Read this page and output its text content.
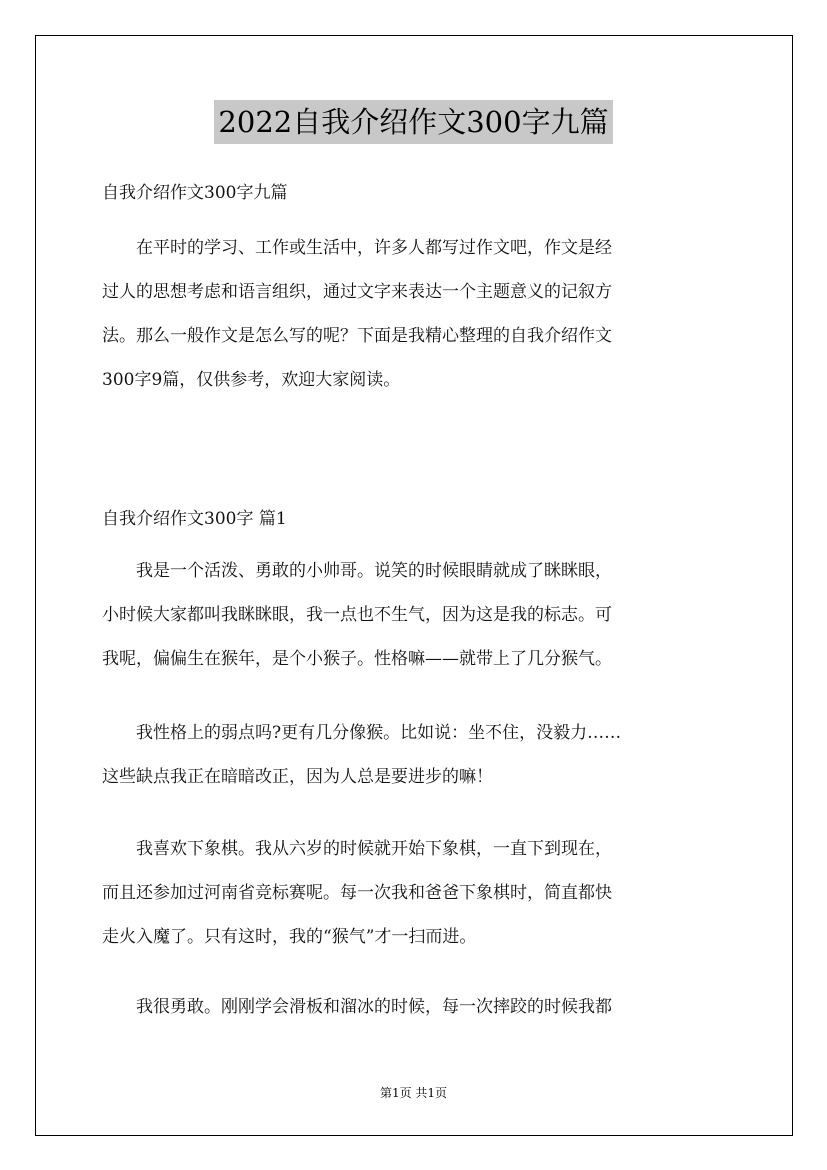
2022自我介绍作文300字九篇

自我介绍作文300字九篇

在平时的学习、工作或生活中，许多人都写过作文吧，作文是经
过人的思想考虑和语言组织，通过文字来表达一个主题意义的记叙方
法。那么一般作文是怎么写的呢？下面是我精心整理的自我介绍作文
300字9篇，仅供参考，欢迎大家阅读。

自我介绍作文300字 篇1

我是一个活泼、勇敢的小帅哥。说笑的时候眼睛就成了眯眯眼，
小时候大家都叫我眯眯眼，我一点也不生气，因为这是我的标志。可
我呢，偏偏生在猴年，是个小猴子。性格嘛——就带上了几分猴气。
我性格上的弱点吗?更有几分像猴。比如说：坐不住，没毅力……
这些缺点我正在暗暗改正，因为人总是要进步的嘛！
我喜欢下象棋。我从六岁的时候就开始下象棋，一直下到现在，
而且还参加过河南省竞标赛呢。每一次我和爸爸下象棋时，简直都快
走火入魔了。只有这时，我的“猴气”才一扫而进。
我很勇敢。刚刚学会滑板和溜冰的时候，每一次摔跤的时候我都
第1页 共1页
